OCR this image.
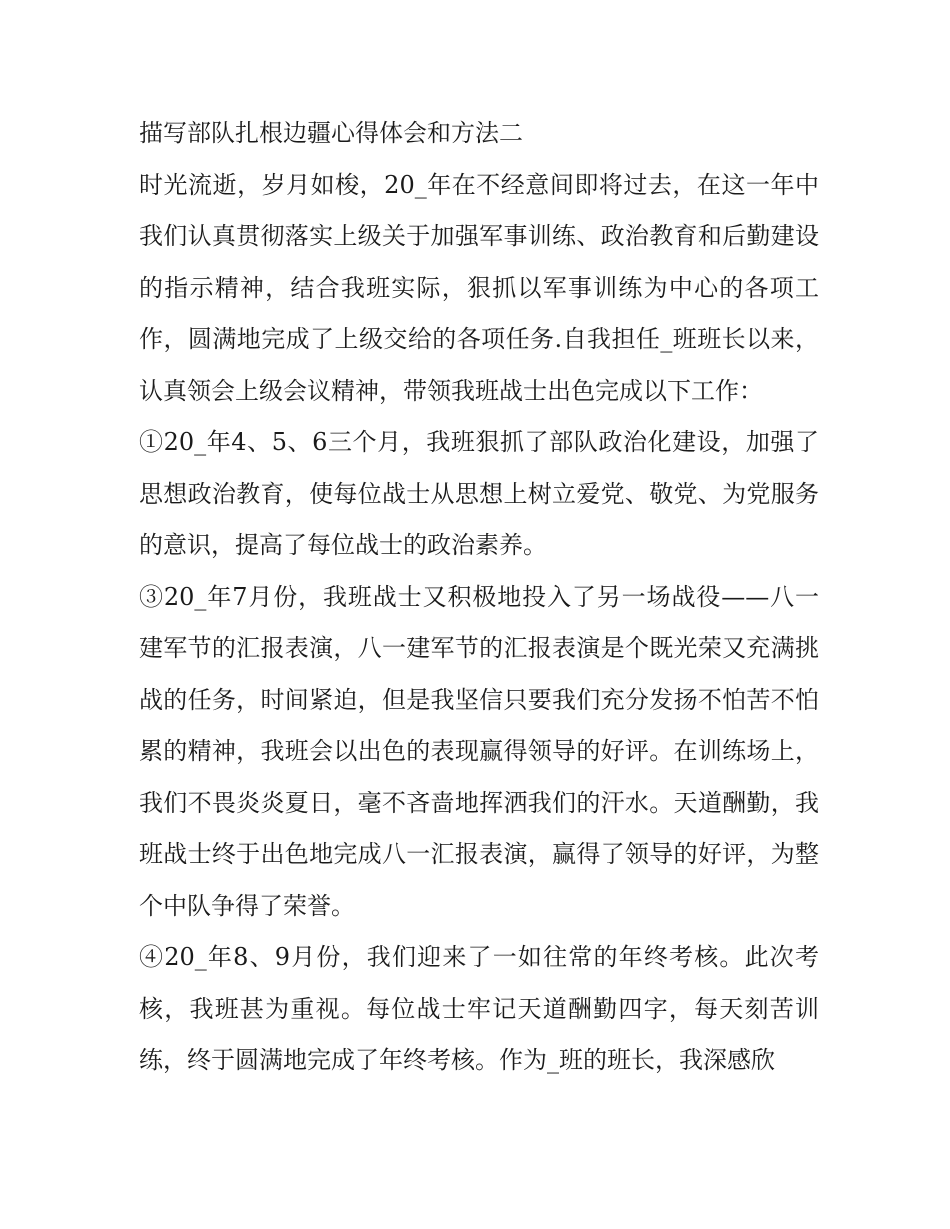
描写部队扎根边疆心得体会和方法二

时光流逝，岁月如梭，20_年在不经意间即将过去，在这一年中我们认真贯彻落实上级关于加强军事训练、政治教育和后勤建设的指示精神，结合我班实际，狠抓以军事训练为中心的各项工作，圆满地完成了上级交给的各项任务.自我担任_班班长以来，认真领会上级会议精神，带领我班战士出色完成以下工作：

①20_年4、5、6三个月，我班狠抓了部队政治化建设，加强了思想政治教育，使每位战士从思想上树立爱党、敬党、为党服务的意识，提高了每位战士的政治素养。

③20_年7月份，我班战士又积极地投入了另一场战役——八一建军节的汇报表演，八一建军节的汇报表演是个既光荣又充满挑战的任务，时间紧迫，但是我坚信只要我们充分发扬不怕苦不怕累的精神，我班会以出色的表现赢得领导的好评。在训练场上，我们不畏炎炎夏日，毫不吝啬地挥洒我们的汗水。天道酬勤，我班战士终于出色地完成八一汇报表演，赢得了领导的好评，为整个中队争得了荣誉。

④20_年8、9月份，我们迎来了一如往常的年终考核。此次考核，我班甚为重视。每位战士牢记天道酬勤四字，每天刻苦训练，终于圆满地完成了年终考核。作为_班的班长，我深感欣
